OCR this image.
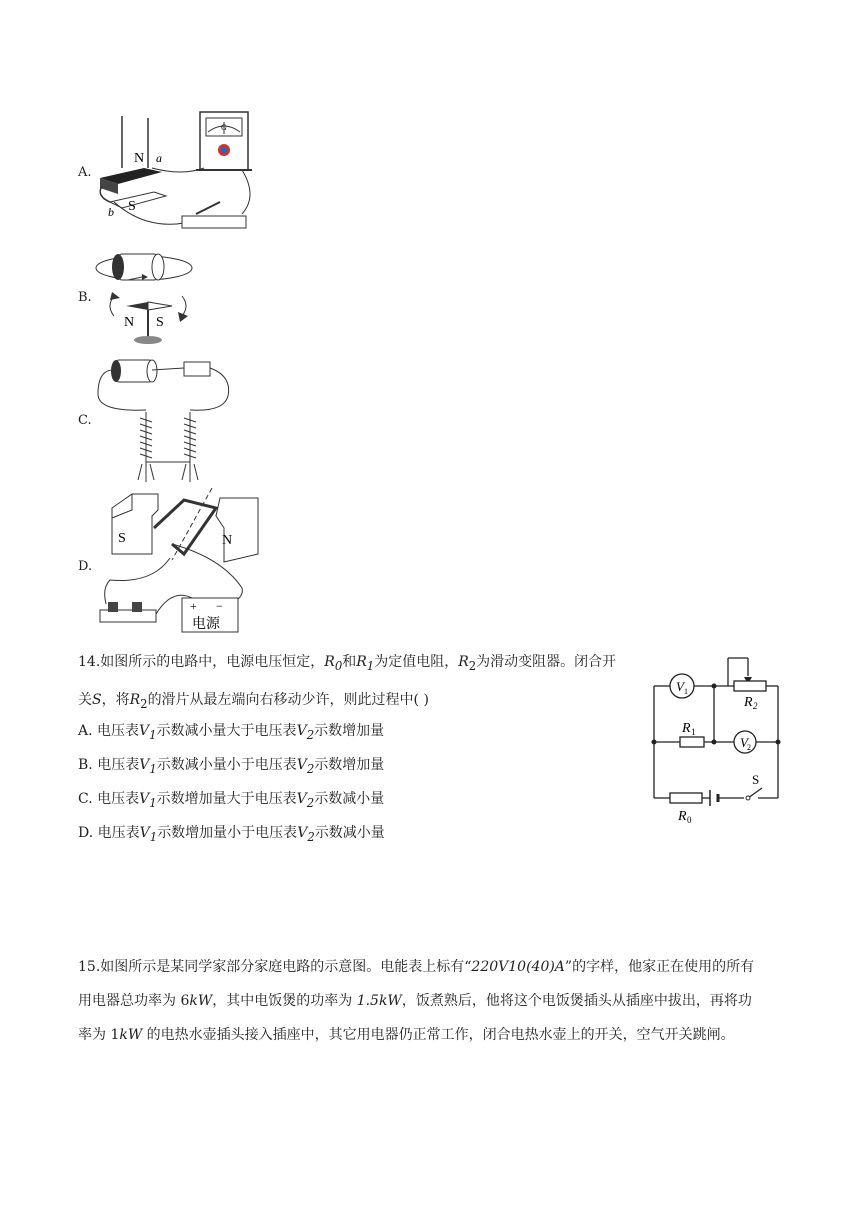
A.
N
S
a
b
G
B.
N S
C.
D.
S	N
+ −
电源
14.如图所示的电路中，电源电压恒定，$R_0$和$R_1$为定值电阻，$R_2$为滑动变阻器。闭合开
关S，将$R_2$的滑片从最左端向右移动少许，则此过程中( )
A. 电压表$V_1$示数减小量大于电压表$V_2$示数增加量
B. 电压表$V_1$示数减小量小于电压表$V_2$示数增加量
C. 电压表$V_1$示数增加量大于电压表$V_2$示数减小量
D. 电压表$V_1$示数增加量小于电压表$V_2$示数减小量
V 1
V 2
R 2
R 1
R 0
S
15.如图所示是某同学家部分家庭电路的示意图。电能表上标有“220V10(40)A”的字样，他家正在使用的所有
用电器总功率为 6kW，其中电饭煲的功率为 1.5kW，饭煮熟后，他将这个电饭煲插头从插座中拔出，再将功
率为 1kW 的电热水壶插头接入插座中，其它用电器仍正常工作，闭合电热水壶上的开关，空气开关跳闸。
